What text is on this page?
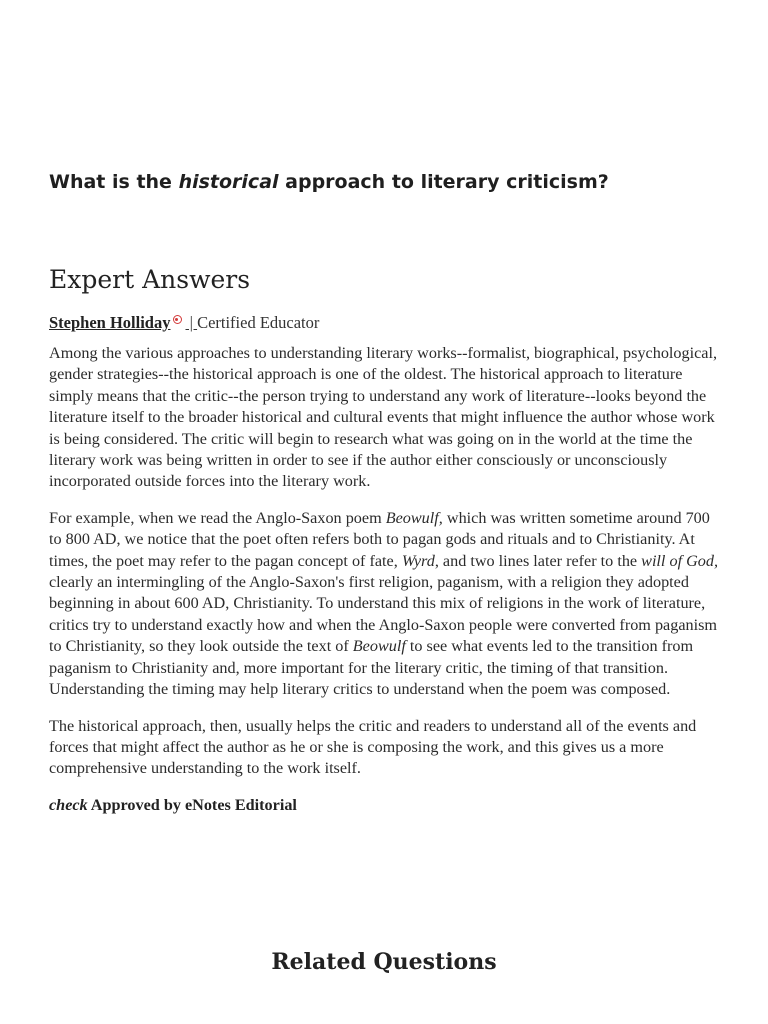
What is the historical approach to literary criticism?
Expert Answers
Stephen Holliday | Certified Educator

Among the various approaches to understanding literary works--formalist, biographical, psychological, gender strategies--the historical approach is one of the oldest. The historical approach to literature simply means that the critic--the person trying to understand any work of literature--looks beyond the literature itself to the broader historical and cultural events that might influence the author whose work is being considered. The critic will begin to research what was going on in the world at the time the literary work was being written in order to see if the author either consciously or unconsciously incorporated outside forces into the literary work.

For example, when we read the Anglo-Saxon poem Beowulf, which was written sometime around 700 to 800 AD, we notice that the poet often refers both to pagan gods and rituals and to Christianity. At times, the poet may refer to the pagan concept of fate, Wyrd, and two lines later refer to the will of God, clearly an intermingling of the Anglo-Saxon's first religion, paganism, with a religion they adopted beginning in about 600 AD, Christianity. To understand this mix of religions in the work of literature, critics try to understand exactly how and when the Anglo-Saxon people were converted from paganism to Christianity, so they look outside the text of Beowulf to see what events led to the transition from paganism to Christianity and, more important for the literary critic, the timing of that transition. Understanding the timing may help literary critics to understand when the poem was composed.

The historical approach, then, usually helps the critic and readers to understand all of the events and forces that might affect the author as he or she is composing the work, and this gives us a more comprehensive understanding to the work itself.

check Approved by eNotes Editorial
Related Questions
